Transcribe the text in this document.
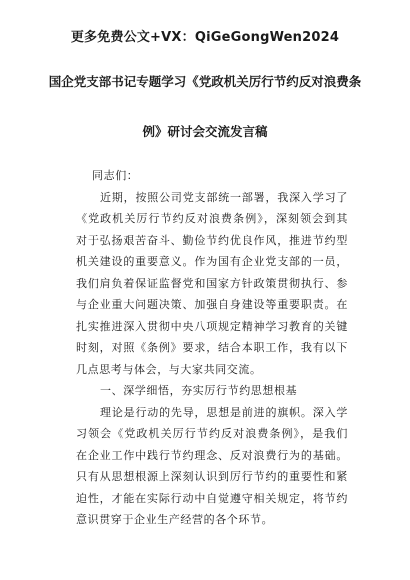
更多免费公文+VX：QiGeGongWen2024
国企党支部书记专题学习《党政机关厉行节约反对浪费条
例》研讨会交流发言稿

同志们：

近期，按照公司党支部统一部署，我深入学习了《党政机关厉行节约反对浪费条例》，深刻领会到其对于弘扬艰苦奋斗、勤俭节约优良作风，推进节约型机关建设的重要意义。作为国有企业党支部的一员，我们肩负着保证监督党和国家方针政策贯彻执行、参与企业重大问题决策、加强自身建设等重要职责。在扎实推进深入贯彻中央八项规定精神学习教育的关键时刻，对照《条例》要求，结合本职工作，我有以下几点思考与体会，与大家共同交流。

一、深学细悟，夯实厉行节约思想根基

理论是行动的先导，思想是前进的旗帜。深入学习领会《党政机关厉行节约反对浪费条例》，是我们在企业工作中践行节约理念、反对浪费行为的基础。只有从思想根源上深刻认识到厉行节约的重要性和紧迫性，才能在实际行动中自觉遵守相关规定，将节约意识贯穿于企业生产经营的各个环节。
